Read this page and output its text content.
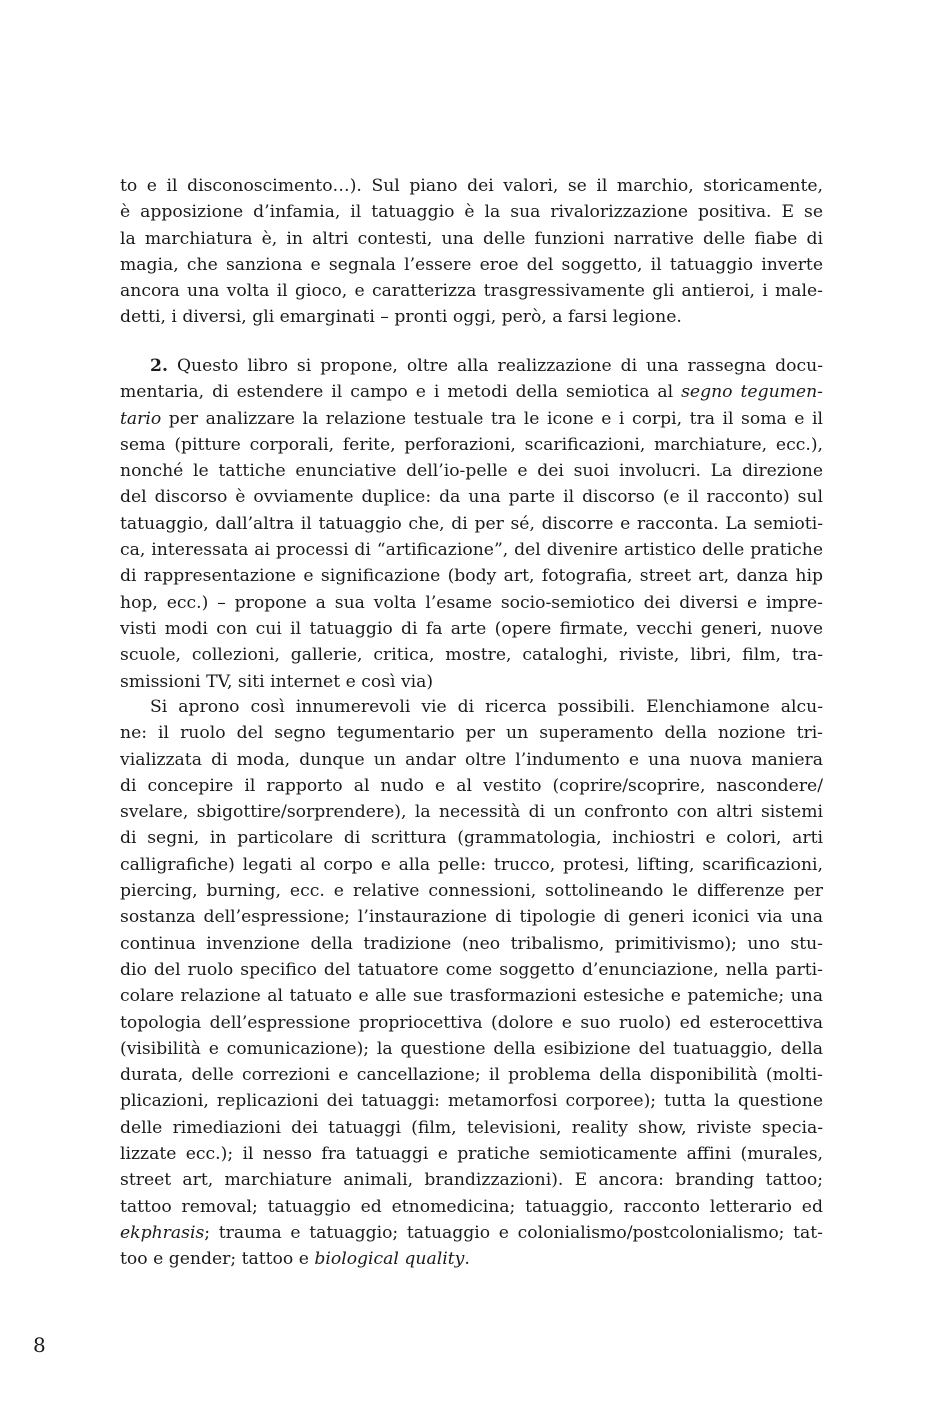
to e il disconoscimento…). Sul piano dei valori, se il marchio, storicamente,
è apposizione d’infamia, il tatuaggio è la sua rivalorizzazione positiva. E se
la marchiatura è, in altri contesti, una delle funzioni narrative delle fiabe di
magia, che sanziona e segnala l’essere eroe del soggetto, il tatuaggio inverte
ancora una volta il gioco, e caratterizza trasgressivamente gli antieroi, i male-
detti, i diversi, gli emarginati – pronti oggi, però, a farsi legione.
2. Questo libro si propone, oltre alla realizzazione di una rassegna docu-
mentaria, di estendere il campo e i metodi della semiotica al segno tegumen-
tario per analizzare la relazione testuale tra le icone e i corpi, tra il soma e il
sema (pitture corporali, ferite, perforazioni, scarificazioni, marchiature, ecc.),
nonché le tattiche enunciative dell’io-pelle e dei suoi involucri. La direzione
del discorso è ovviamente duplice: da una parte il discorso (e il racconto) sul
tatuaggio, dall’altra il tatuaggio che, di per sé, discorre e racconta. La semioti-
ca, interessata ai processi di “artificazione”, del divenire artistico delle pratiche
di rappresentazione e significazione (body art, fotografia, street art, danza hip
hop, ecc.) – propone a sua volta l’esame socio-semiotico dei diversi e impre-
visti modi con cui il tatuaggio di fa arte (opere firmate, vecchi generi, nuove
scuole, collezioni, gallerie, critica, mostre, cataloghi, riviste, libri, film, tra-
smissioni TV, siti internet e così via)
Si aprono così innumerevoli vie di ricerca possibili. Elenchiamone alcu-
ne: il ruolo del segno tegumentario per un superamento della nozione tri-
vializzata di moda, dunque un andar oltre l’indumento e una nuova maniera
di concepire il rapporto al nudo e al vestito (coprire/scoprire, nascondere/
svelare, sbigottire/sorprendere), la necessità di un confronto con altri sistemi
di segni, in particolare di scrittura (grammatologia, inchiostri e colori, arti
calligrafiche) legati al corpo e alla pelle: trucco, protesi, lifting, scarificazioni,
piercing, burning, ecc. e relative connessioni, sottolineando le differenze per
sostanza dell’espressione; l’instaurazione di tipologie di generi iconici via una
continua invenzione della tradizione (neo tribalismo, primitivismo); uno stu-
dio del ruolo specifico del tatuatore come soggetto d’enunciazione, nella parti-
colare relazione al tatuato e alle sue trasformazioni estesiche e patemiche; una
topologia dell’espressione propriocettiva (dolore e suo ruolo) ed esterocettiva
(visibilità e comunicazione); la questione della esibizione del tuatuaggio, della
durata, delle correzioni e cancellazione; il problema della disponibilità (molti-
plicazioni, replicazioni dei tatuaggi: metamorfosi corporee); tutta la questione
delle rimediazioni dei tatuaggi (film, televisioni, reality show, riviste specia-
lizzate ecc.); il nesso fra tatuaggi e pratiche semioticamente affini (murales,
street art, marchiature animali, brandizzazioni). E ancora: branding tattoo;
tattoo removal; tatuaggio ed etnomedicina; tatuaggio, racconto letterario ed
ekphrasis; trauma e tatuaggio; tatuaggio e colonialismo/postcolonialismo; tat-
too e gender; tattoo e biological quality.
8
